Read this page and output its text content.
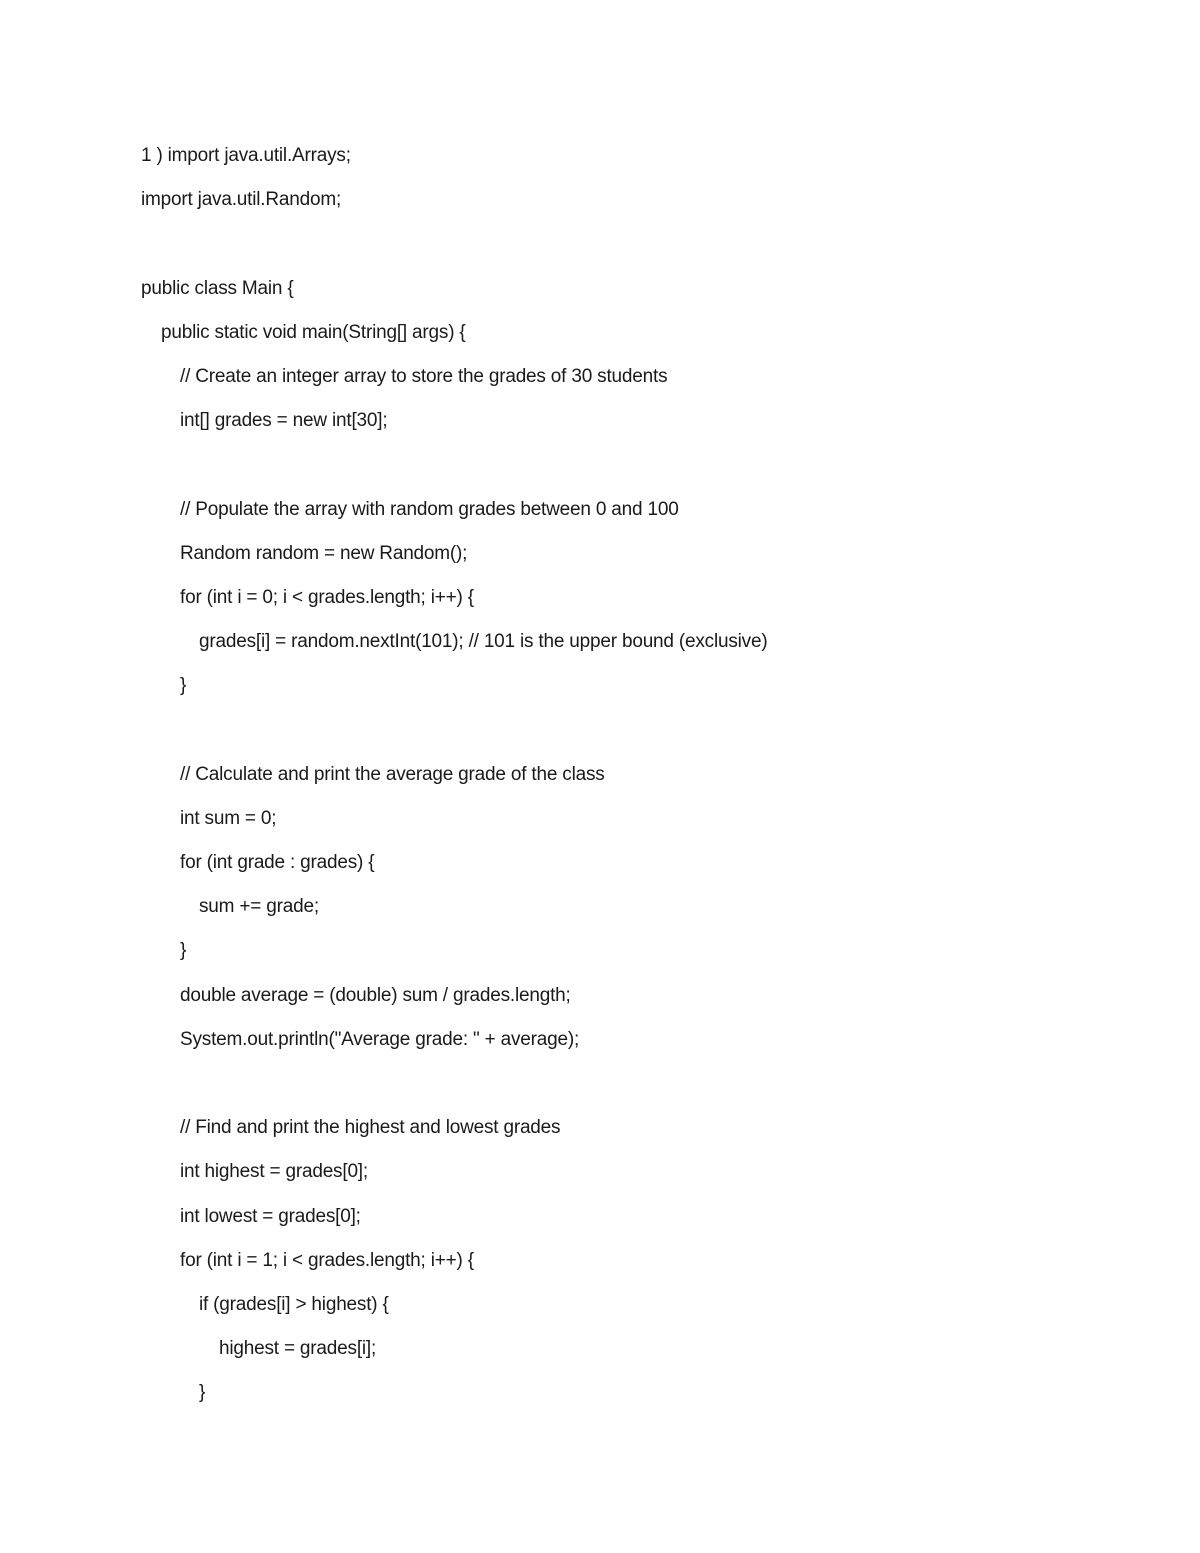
1 ) import java.util.Arrays;
import java.util.Random;
public class Main {
public static void main(String[] args) {
// Create an integer array to store the grades of 30 students
int[] grades = new int[30];
// Populate the array with random grades between 0 and 100
Random random = new Random();
for (int i = 0; i < grades.length; i++) {
grades[i] = random.nextInt(101); // 101 is the upper bound (exclusive)
}
// Calculate and print the average grade of the class
int sum = 0;
for (int grade : grades) {
sum += grade;
}
double average = (double) sum / grades.length;
System.out.println("Average grade: " + average);
// Find and print the highest and lowest grades
int highest = grades[0];
int lowest = grades[0];
for (int i = 1; i < grades.length; i++) {
if (grades[i] > highest) {
highest = grades[i];
}
